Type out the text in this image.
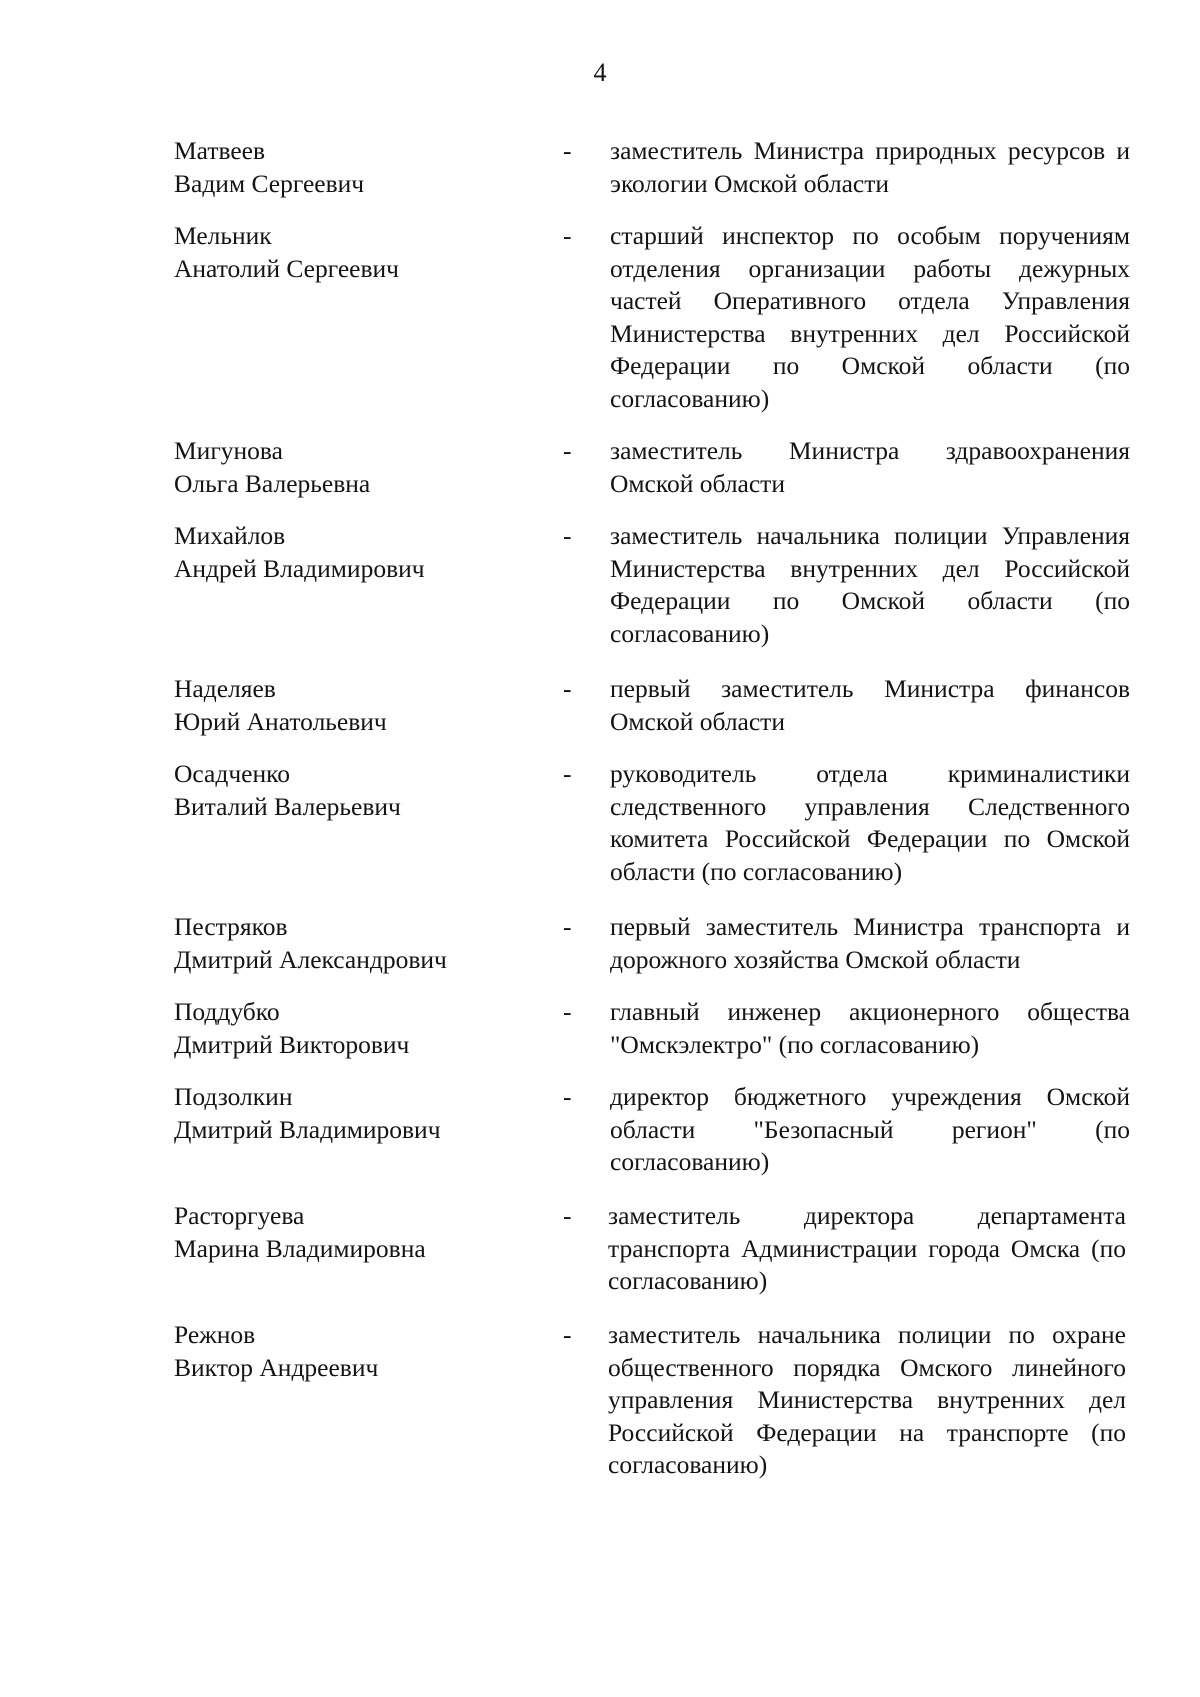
4
Матвеев
Вадим Сергеевич
- заместитель Министра природных ресурсов и экологии Омской области
Мельник
Анатолий Сергеевич
- старший инспектор по особым поручениям отделения организации работы дежурных частей Оперативного отдела Управления Министерства внутренних дел Российской Федерации по Омской области (по согласованию)
Мигунова
Ольга Валерьевна
- заместитель Министра здравоохранения Омской области
Михайлов
Андрей Владимирович
- заместитель начальника полиции Управления Министерства внутренних дел Российской Федерации по Омской области (по согласованию)
Наделяев
Юрий Анатольевич
- первый заместитель Министра финансов Омской области
Осадченко
Виталий Валерьевич
- руководитель отдела криминалистики следственного управления Следственного комитета Российской Федерации по Омской области (по согласованию)
Пестряков
Дмитрий Александрович
- первый заместитель Министра транспорта и дорожного хозяйства Омской области
Поддубко
Дмитрий Викторович
- главный инженер акционерного общества "Омскэлектро" (по согласованию)
Подзолкин
Дмитрий Владимирович
- директор бюджетного учреждения Омской области "Безопасный регион" (по согласованию)
Расторгуева
Марина Владимировна
- заместитель директора департамента транспорта Администрации города Омска (по согласованию)
Режнов
Виктор Андреевич
- заместитель начальника полиции по охране общественного порядка Омского линейного управления Министерства внутренних дел Российской Федерации на транспорте (по согласованию)
